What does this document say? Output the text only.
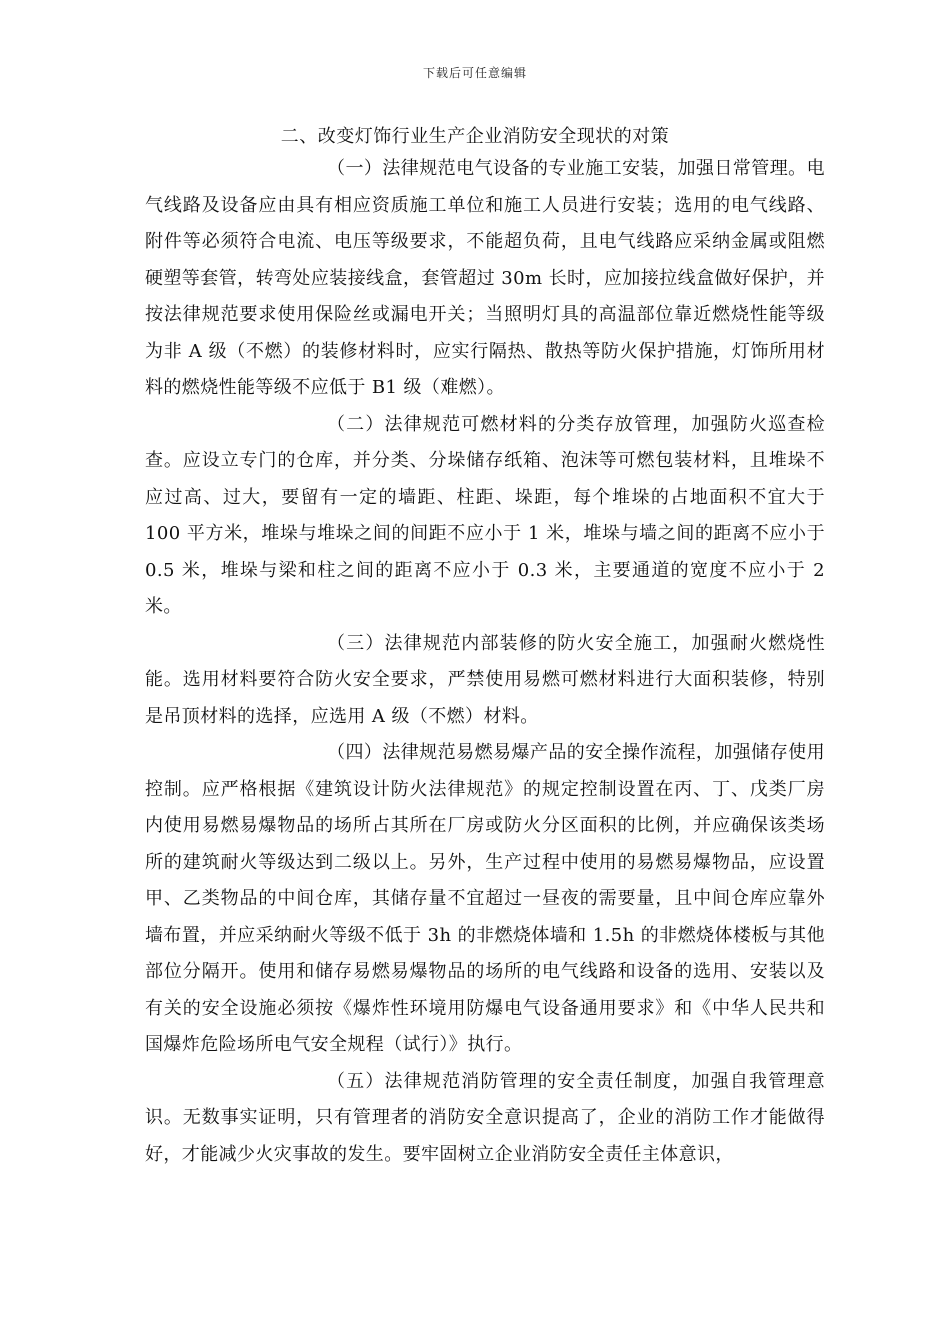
下载后可任意编辑
二、改变灯饰行业生产企业消防安全现状的对策

（一）法律规范电气设备的专业施工安装，加强日常管理。电气线路及设备应由具有相应资质施工单位和施工人员进行安装；选用的电气线路、附件等必须符合电流、电压等级要求，不能超负荷，且电气线路应采纳金属或阻燃硬塑等套管，转弯处应装接线盒，套管超过 30m 长时，应加接拉线盒做好保护，并按法律规范要求使用保险丝或漏电开关；当照明灯具的高温部位靠近燃烧性能等级为非 A 级（不燃）的装修材料时，应实行隔热、散热等防火保护措施，灯饰所用材料的燃烧性能等级不应低于 B1 级（难燃）。

（二）法律规范可燃材料的分类存放管理，加强防火巡查检查。应设立专门的仓库，并分类、分垛储存纸箱、泡沫等可燃包装材料，且堆垛不应过高、过大，要留有一定的墙距、柱距、垛距，每个堆垛的占地面积不宜大于 100 平方米，堆垛与堆垛之间的间距不应小于 1 米，堆垛与墙之间的距离不应小于 0.5 米，堆垛与梁和柱之间的距离不应小于 0.3 米，主要通道的宽度不应小于 2 米。

（三）法律规范内部装修的防火安全施工，加强耐火燃烧性能。选用材料要符合防火安全要求，严禁使用易燃可燃材料进行大面积装修，特别是吊顶材料的选择，应选用 A 级（不燃）材料。

（四）法律规范易燃易爆产品的安全操作流程，加强储存使用控制。应严格根据《建筑设计防火法律规范》的规定控制设置在丙、丁、戊类厂房内使用易燃易爆物品的场所占其所在厂房或防火分区面积的比例，并应确保该类场所的建筑耐火等级达到二级以上。另外，生产过程中使用的易燃易爆物品，应设置甲、乙类物品的中间仓库，其储存量不宜超过一昼夜的需要量，且中间仓库应靠外墙布置，并应采纳耐火等级不低于 3h 的非燃烧体墙和 1.5h 的非燃烧体楼板与其他部位分隔开。使用和储存易燃易爆物品的场所的电气线路和设备的选用、安装以及有关的安全设施必须按《爆炸性环境用防爆电气设备通用要求》和《中华人民共和国爆炸危险场所电气安全规程（试行）》执行。

（五）法律规范消防管理的安全责任制度，加强自我管理意识。无数事实证明，只有管理者的消防安全意识提高了，企业的消防工作才能做得好，才能减少火灾事故的发生。要牢固树立企业消防安全责任主体意识，
